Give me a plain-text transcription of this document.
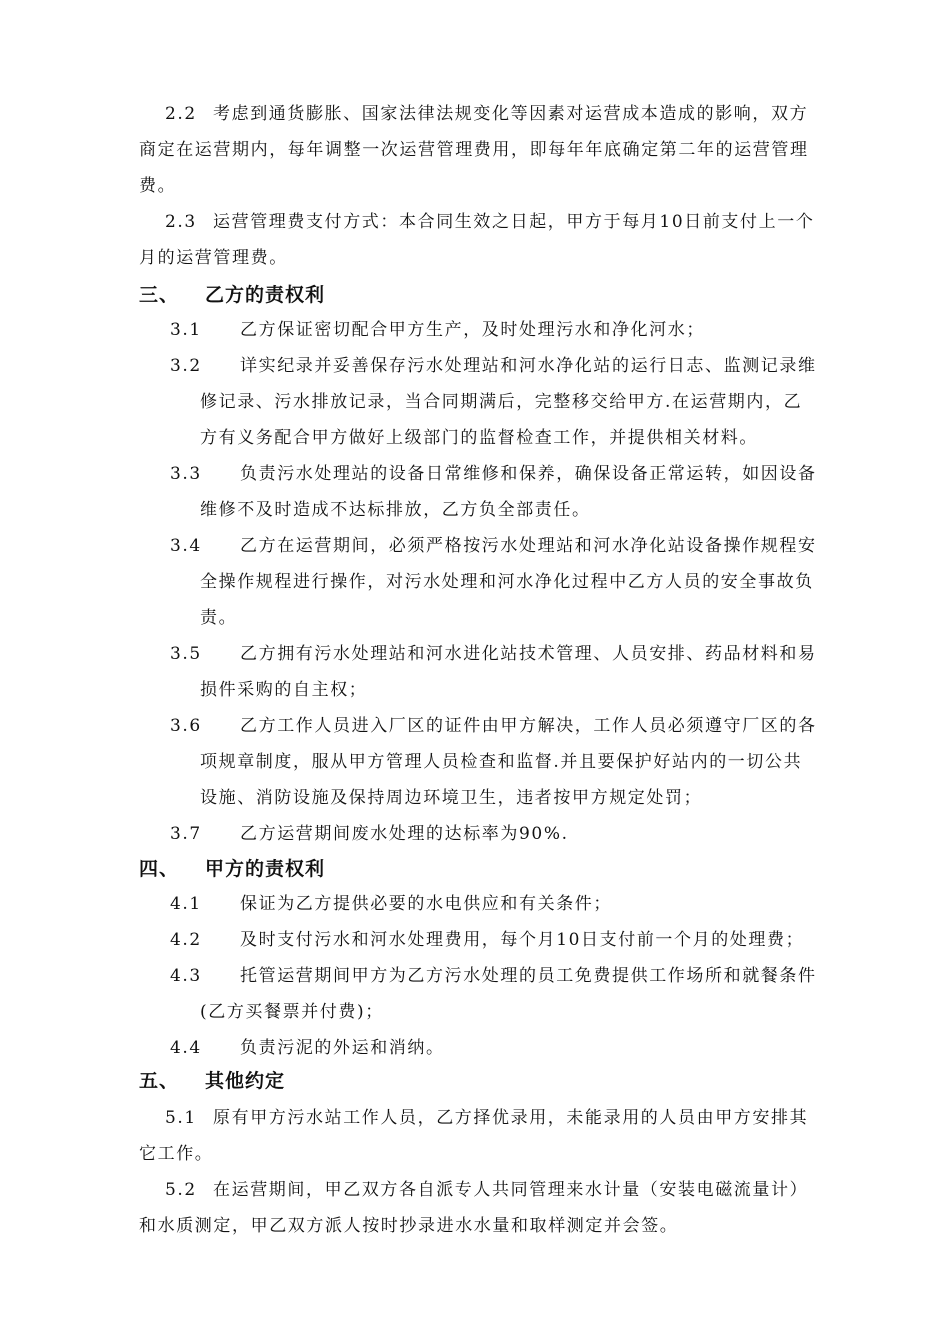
2.2 考虑到通货膨胀、国家法律法规变化等因素对运营成本造成的影响，双方商定在运营期内，每年调整一次运营管理费用，即每年年底确定第二年的运营管理费。
2.3 运营管理费支付方式：本合同生效之日起，甲方于每月10日前支付上一个月的运营管理费。
三、 乙方的责权利
3.1	乙方保证密切配合甲方生产，及时处理污水和净化河水；
3.2	详实纪录并妥善保存污水处理站和河水净化站的运行日志、监测记录维修记录、污水排放记录，当合同期满后，完整移交给甲方.在运营期内，乙方有义务配合甲方做好上级部门的监督检查工作，并提供相关材料。
3.3	负责污水处理站的设备日常维修和保养，确保设备正常运转，如因设备维修不及时造成不达标排放，乙方负全部责任。
3.4	乙方在运营期间，必须严格按污水处理站和河水净化站设备操作规程安全操作规程进行操作，对污水处理和河水净化过程中乙方人员的安全事故负责。
3.5	乙方拥有污水处理站和河水进化站技术管理、人员安排、药品材料和易损件采购的自主权；
3.6	乙方工作人员进入厂区的证件由甲方解决，工作人员必须遵守厂区的各项规章制度，服从甲方管理人员检查和监督.并且要保护好站内的一切公共设施、消防设施及保持周边环境卫生，违者按甲方规定处罚；
3.7	乙方运营期间废水处理的达标率为90%.
四、 甲方的责权利
4.1	保证为乙方提供必要的水电供应和有关条件；
4.2	及时支付污水和河水处理费用，每个月10日支付前一个月的处理费；
4.3	托管运营期间甲方为乙方污水处理的员工免费提供工作场所和就餐条件(乙方买餐票并付费)；
4.4	负责污泥的外运和消纳。
五、 其他约定
5.1 原有甲方污水站工作人员，乙方择优录用，未能录用的人员由甲方安排其它工作。
5.2 在运营期间，甲乙双方各自派专人共同管理来水计量（安装电磁流量计）和水质测定，甲乙双方派人按时抄录进水水量和取样测定并会签。
